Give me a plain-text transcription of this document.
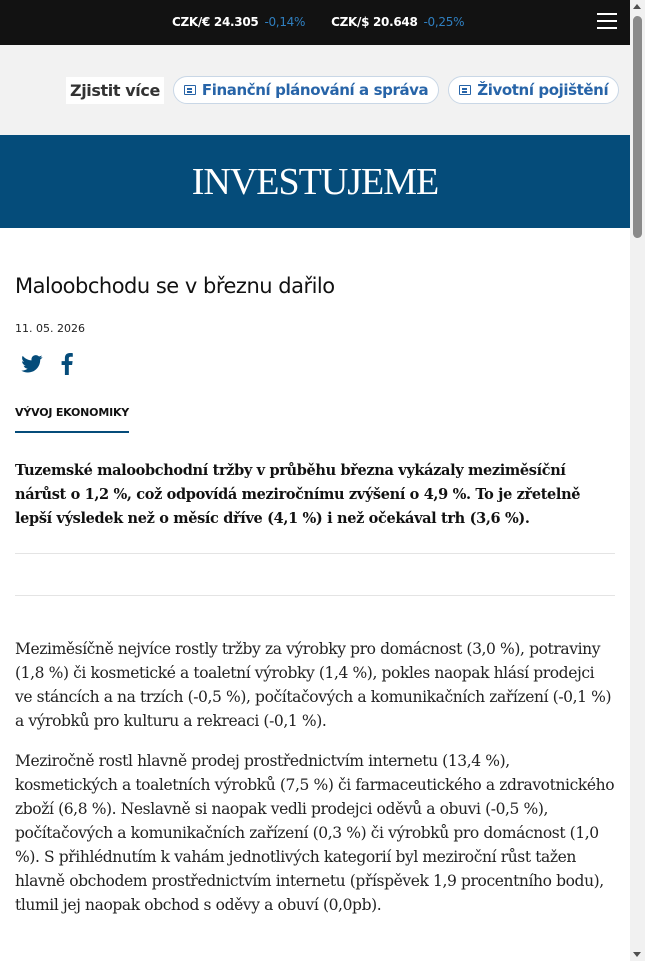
CZK/€ 24.305 -0,14% CZK/$ 20.648 -0,25%
Zjistit více	Finanční plánování a správa	Životní pojištění
INVESTUJEME
Maloobchodu se v březnu dařilo
11. 05. 2026
VÝVOJ EKONOMIKY

Tuzemské maloobchodní tržby v průběhu března vykázaly meziměsíční nárůst o 1,2 %, což odpovídá meziročnímu zvýšení o 4,9 %. To je zřetelně lepší výsledek než o měsíc dříve (4,1 %) i než očekával trh (3,6 %).

Meziměsíčně nejvíce rostly tržby za výrobky pro domácnost (3,0 %), potraviny (1,8 %) či kosmetické a toaletní výrobky (1,4 %), pokles naopak hlásí prodejci ve stáncích a na trzích (-0,5 %), počítačových a komunikačních zařízení (-0,1 %) a výrobků pro kulturu a rekreaci (-0,1 %).

Meziročně rostl hlavně prodej prostřednictvím internetu (13,4 %), kosmetických a toaletních výrobků (7,5 %) či farmaceutického a zdravotnického zboží (6,8 %). Neslavně si naopak vedli prodejci oděvů a obuvi (-0,5 %), počítačových a komunikačních zařízení (0,3 %) či výrobků pro domácnost (1,0 %). S přihlédnutím k vahám jednotlivých kategorií byl meziroční růst tažen hlavně obchodem prostřednictvím internetu (příspěvek 1,9 procentního bodu), tlumil jej naopak obchod s oděvy a obuví (0,0pb).
